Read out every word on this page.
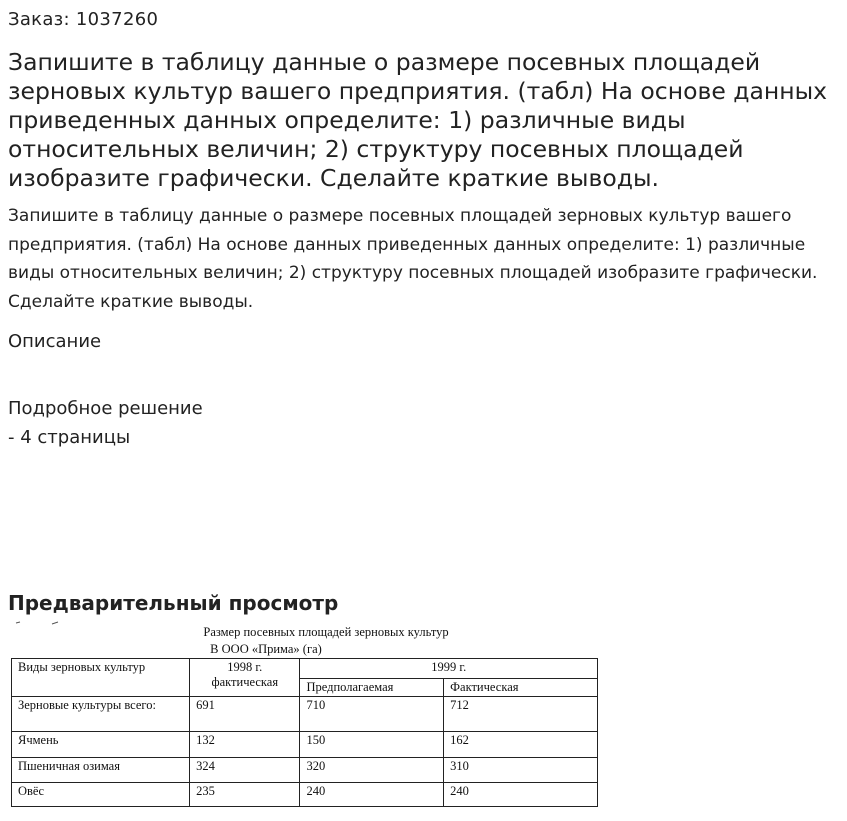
Заказ: 1037260
Запишите в таблицу данные о размере посевных площадей зерновых культур вашего предприятия. (табл) На основе данных приведенных данных определите: 1) различные виды относительных величин; 2) структуру посевных площадей изобразите графически. Сделайте краткие выводы.

Запишите в таблицу данные о размере посевных площадей зерновых культур вашего предприятия. (табл) На основе данных приведенных данных определите: 1) различные виды относительных величин; 2) структуру посевных площадей изобразите графически. Сделайте краткие выводы.

Описание
Подробное решение
- 4 страницы
Предварительный просмотр
Размер посевных площадей зерновых культур
В ООО «Прима» (га)
Виды зерновых культур	1998 г. фактическая	1999 г.	
		Предполагаемая	Фактическая
Зерновые культуры всего:	691	710	712
Ячмень	132	150	162
Пшеничная озимая	324	320	310
Овёс	235	240	240
